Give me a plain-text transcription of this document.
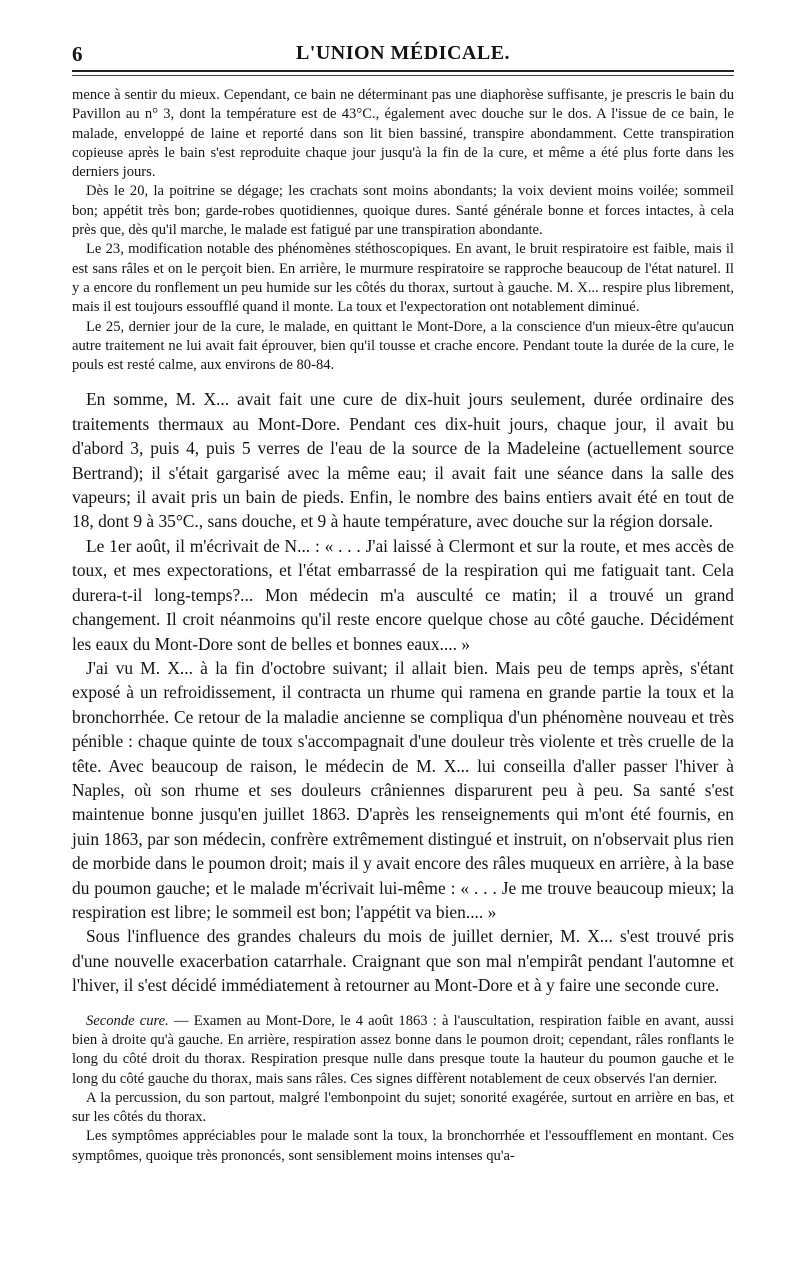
6	L'UNION MÉDICALE.

mence à sentir du mieux. Cependant, ce bain ne déterminant pas une diaphorèse suffisante, je prescris le bain du Pavillon au n° 3, dont la température est de 43°C., également avec douche sur le dos. A l'issue de ce bain, le malade, enveloppé de laine et reporté dans son lit bien bassiné, transpire abondamment. Cette transpiration copieuse après le bain s'est reproduite chaque jour jusqu'à la fin de la cure, et même a été plus forte dans les derniers jours.

Dès le 20, la poitrine se dégage; les crachats sont moins abondants; la voix devient moins voilée; sommeil bon; appétit très bon; garde-robes quotidiennes, quoique dures. Santé générale bonne et forces intactes, à cela près que, dès qu'il marche, le malade est fatigué par une transpiration abondante.

Le 23, modification notable des phénomènes stéthoscopiques. En avant, le bruit respiratoire est faible, mais il est sans râles et on le perçoit bien. En arrière, le murmure respiratoire se rapproche beaucoup de l'état naturel. Il y a encore du ronflement un peu humide sur les côtés du thorax, surtout à gauche. M. X... respire plus librement, mais il est toujours essoufflé quand il monte. La toux et l'expectoration ont notablement diminué.

Le 25, dernier jour de la cure, le malade, en quittant le Mont-Dore, a la conscience d'un mieux-être qu'aucun autre traitement ne lui avait fait éprouver, bien qu'il tousse et crache encore. Pendant toute la durée de la cure, le pouls est resté calme, aux environs de 80-84.

En somme, M. X... avait fait une cure de dix-huit jours seulement, durée ordinaire des traitements thermaux au Mont-Dore. Pendant ces dix-huit jours, chaque jour, il avait bu d'abord 3, puis 4, puis 5 verres de l'eau de la source de la Madeleine (actuellement source Bertrand); il s'était gargarisé avec la même eau; il avait fait une séance dans la salle des vapeurs; il avait pris un bain de pieds. Enfin, le nombre des bains entiers avait été en tout de 18, dont 9 à 35°C., sans douche, et 9 à haute température, avec douche sur la région dorsale.

Le 1er août, il m'écrivait de N... : « . . . J'ai laissé à Clermont et sur la route, et mes accès de toux, et mes expectorations, et l'état embarrassé de la respiration qui me fatiguait tant. Cela durera-t-il long-temps?... Mon médecin m'a ausculté ce matin; il a trouvé un grand changement. Il croit néanmoins qu'il reste encore quelque chose au côté gauche. Décidément les eaux du Mont-Dore sont de belles et bonnes eaux.... »

J'ai vu M. X... à la fin d'octobre suivant; il allait bien. Mais peu de temps après, s'étant exposé à un refroidissement, il contracta un rhume qui ramena en grande partie la toux et la bronchorrhée. Ce retour de la maladie ancienne se compliqua d'un phénomène nouveau et très pénible : chaque quinte de toux s'accompagnait d'une douleur très violente et très cruelle de la tête. Avec beaucoup de raison, le médecin de M. X... lui conseilla d'aller passer l'hiver à Naples, où son rhume et ses douleurs crâniennes disparurent peu à peu. Sa santé s'est maintenue bonne jusqu'en juillet 1863. D'après les renseignements qui m'ont été fournis, en juin 1863, par son médecin, confrère extrêmement distingué et instruit, on n'observait plus rien de morbide dans le poumon droit; mais il y avait encore des râles muqueux en arrière, à la base du poumon gauche; et le malade m'écrivait lui-même : « . . . Je me trouve beaucoup mieux; la respiration est libre; le sommeil est bon; l'appétit va bien.... »

Sous l'influence des grandes chaleurs du mois de juillet dernier, M. X... s'est trouvé pris d'une nouvelle exacerbation catarrhale. Craignant que son mal n'empirât pendant l'automne et l'hiver, il s'est décidé immédiatement à retourner au Mont-Dore et à y faire une seconde cure.

Seconde cure. — Examen au Mont-Dore, le 4 août 1863 : à l'auscultation, respiration faible en avant, aussi bien à droite qu'à gauche. En arrière, respiration assez bonne dans le poumon droit; cependant, râles ronflants le long du côté droit du thorax. Respiration presque nulle dans presque toute la hauteur du poumon gauche et le long du côté gauche du thorax, mais sans râles. Ces signes diffèrent notablement de ceux observés l'an dernier.

A la percussion, du son partout, malgré l'embonpoint du sujet; sonorité exagérée, surtout en arrière en bas, et sur les côtés du thorax.

Les symptômes appréciables pour le malade sont la toux, la bronchorrhée et l'essoufflement en montant. Ces symptômes, quoique très prononcés, sont sensiblement moins intenses qu'a-
